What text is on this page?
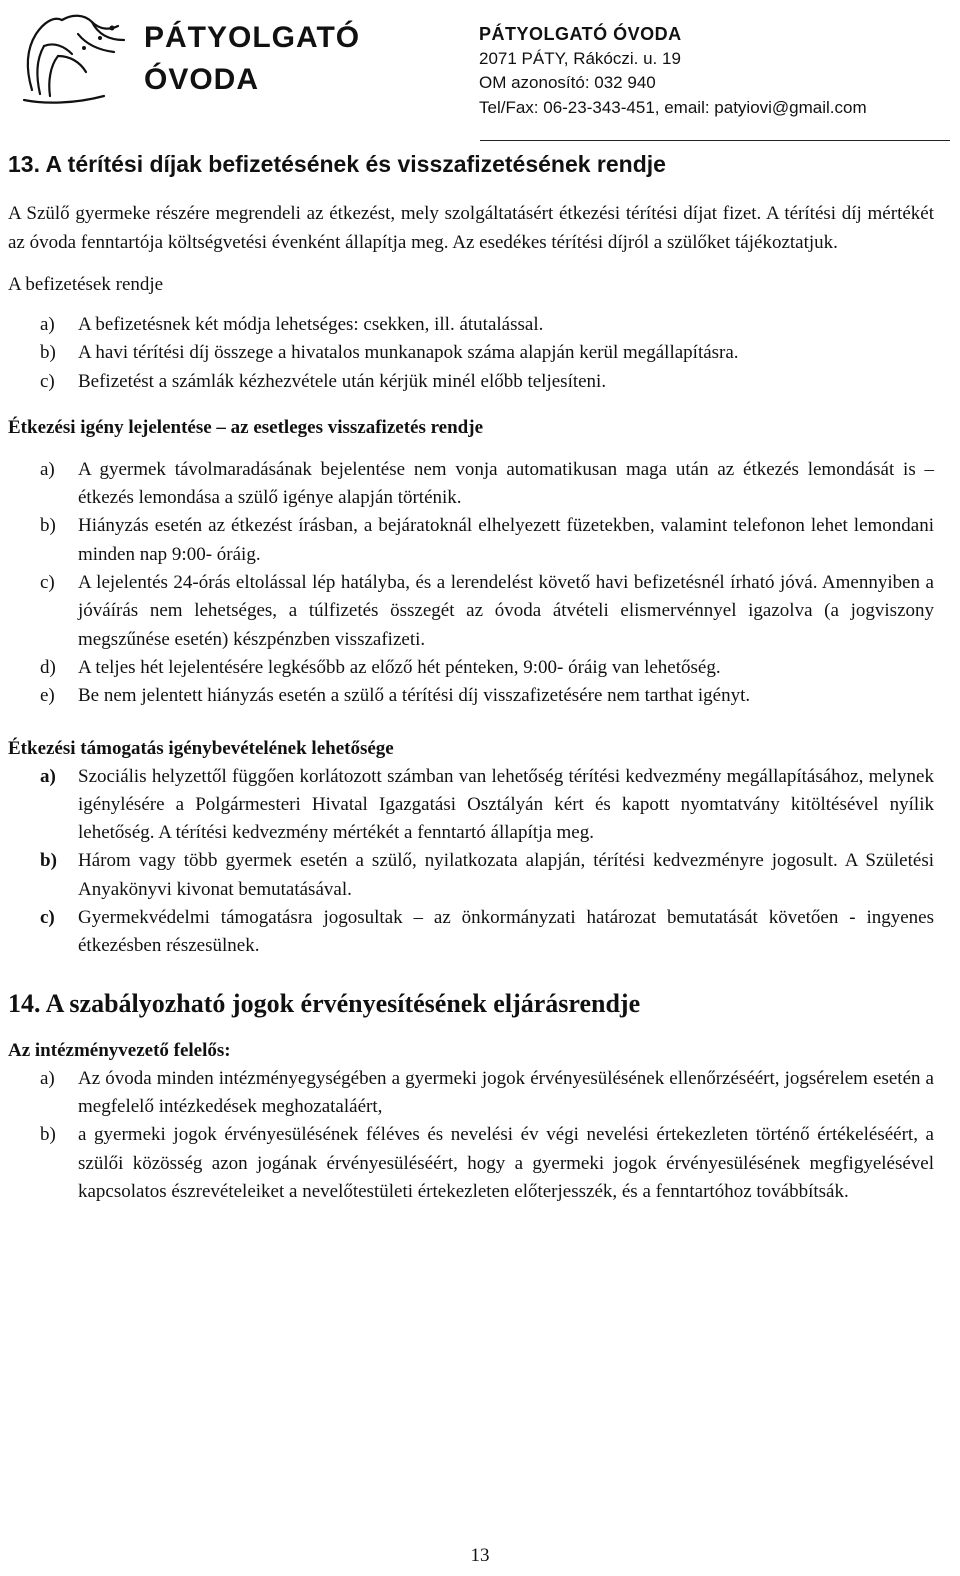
PÁTYOLGATÓ
ÓVODA
PÁTYOLGATÓ ÓVODA
2071 PÁTY, Rákóczi. u. 19
OM azonosító: 032 940
Tel/Fax: 06-23-343-451, email: patyiovi@gmail.com
13. A térítési díjak befizetésének és visszafizetésének rendje

A Szülő gyermeke részére megrendeli az étkezést, mely szolgáltatásért étkezési térítési díjat fizet. A térítési díj mértékét az óvoda fenntartója költségvetési évenként állapítja meg. Az esedékes térítési díjról a szülőket tájékoztatjuk.

A befizetések rendje

a) A befizetésnek két módja lehetséges: csekken, ill. átutalással.
b) A havi térítési díj összege a hivatalos munkanapok száma alapján kerül megállapításra.
c) Befizetést a számlák kézhezvétele után kérjük minél előbb teljesíteni.

Étkezési igény lejelentése – az esetleges visszafizetés rendje

a) A gyermek távolmaradásának bejelentése nem vonja automatikusan maga után az étkezés lemondását is – étkezés lemondása a szülő igénye alapján történik.
b) Hiányzás esetén az étkezést írásban, a bejáratoknál elhelyezett füzetekben, valamint telefonon lehet lemondani minden nap 9:00- óráig.
c) A lejelentés 24-órás eltolással lép hatályba, és a lerendelést követő havi befizetésnél írható jóvá. Amennyiben a jóváírás nem lehetséges, a túlfizetés összegét az óvoda átvételi elismervénnyel igazolva (a jogviszony megszűnése esetén) készpénzben visszafizeti.
d) A teljes hét lejelentésére legkésőbb az előző hét pénteken, 9:00- óráig van lehetőség.
e) Be nem jelentett hiányzás esetén a szülő a térítési díj visszafizetésére nem tarthat igényt.

Étkezési támogatás igénybevételének lehetősége

a) Szociális helyzettől függően korlátozott számban van lehetőség térítési kedvezmény megállapításához, melynek igénylésére a Polgármesteri Hivatal Igazgatási Osztályán kért és kapott nyomtatvány kitöltésével nyílik lehetőség. A térítési kedvezmény mértékét a fenntartó állapítja meg.
b) Három vagy több gyermek esetén a szülő, nyilatkozata alapján, térítési kedvezményre jogosult. A Születési Anyakönyvi kivonat bemutatásával.
c) Gyermekvédelmi támogatásra jogosultak – az önkormányzati határozat bemutatását követően - ingyenes étkezésben részesülnek.
14. A szabályozható jogok érvényesítésének eljárásrendje

Az intézményvezető felelős:

a) Az óvoda minden intézményegységében a gyermeki jogok érvényesülésének ellenőrzéséért, jogsérelem esetén a megfelelő intézkedések meghozataláért,
b) a gyermeki jogok érvényesülésének féléves és nevelési év végi nevelési értekezleten történő értékeléséért, a szülői közösség azon jogának érvényesüléséért, hogy a gyermeki jogok érvényesülésének megfigyelésével kapcsolatos észrevételeiket a nevelőtestületi értekezleten előterjesszék, és a fenntartóhoz továbbítsák.
13
